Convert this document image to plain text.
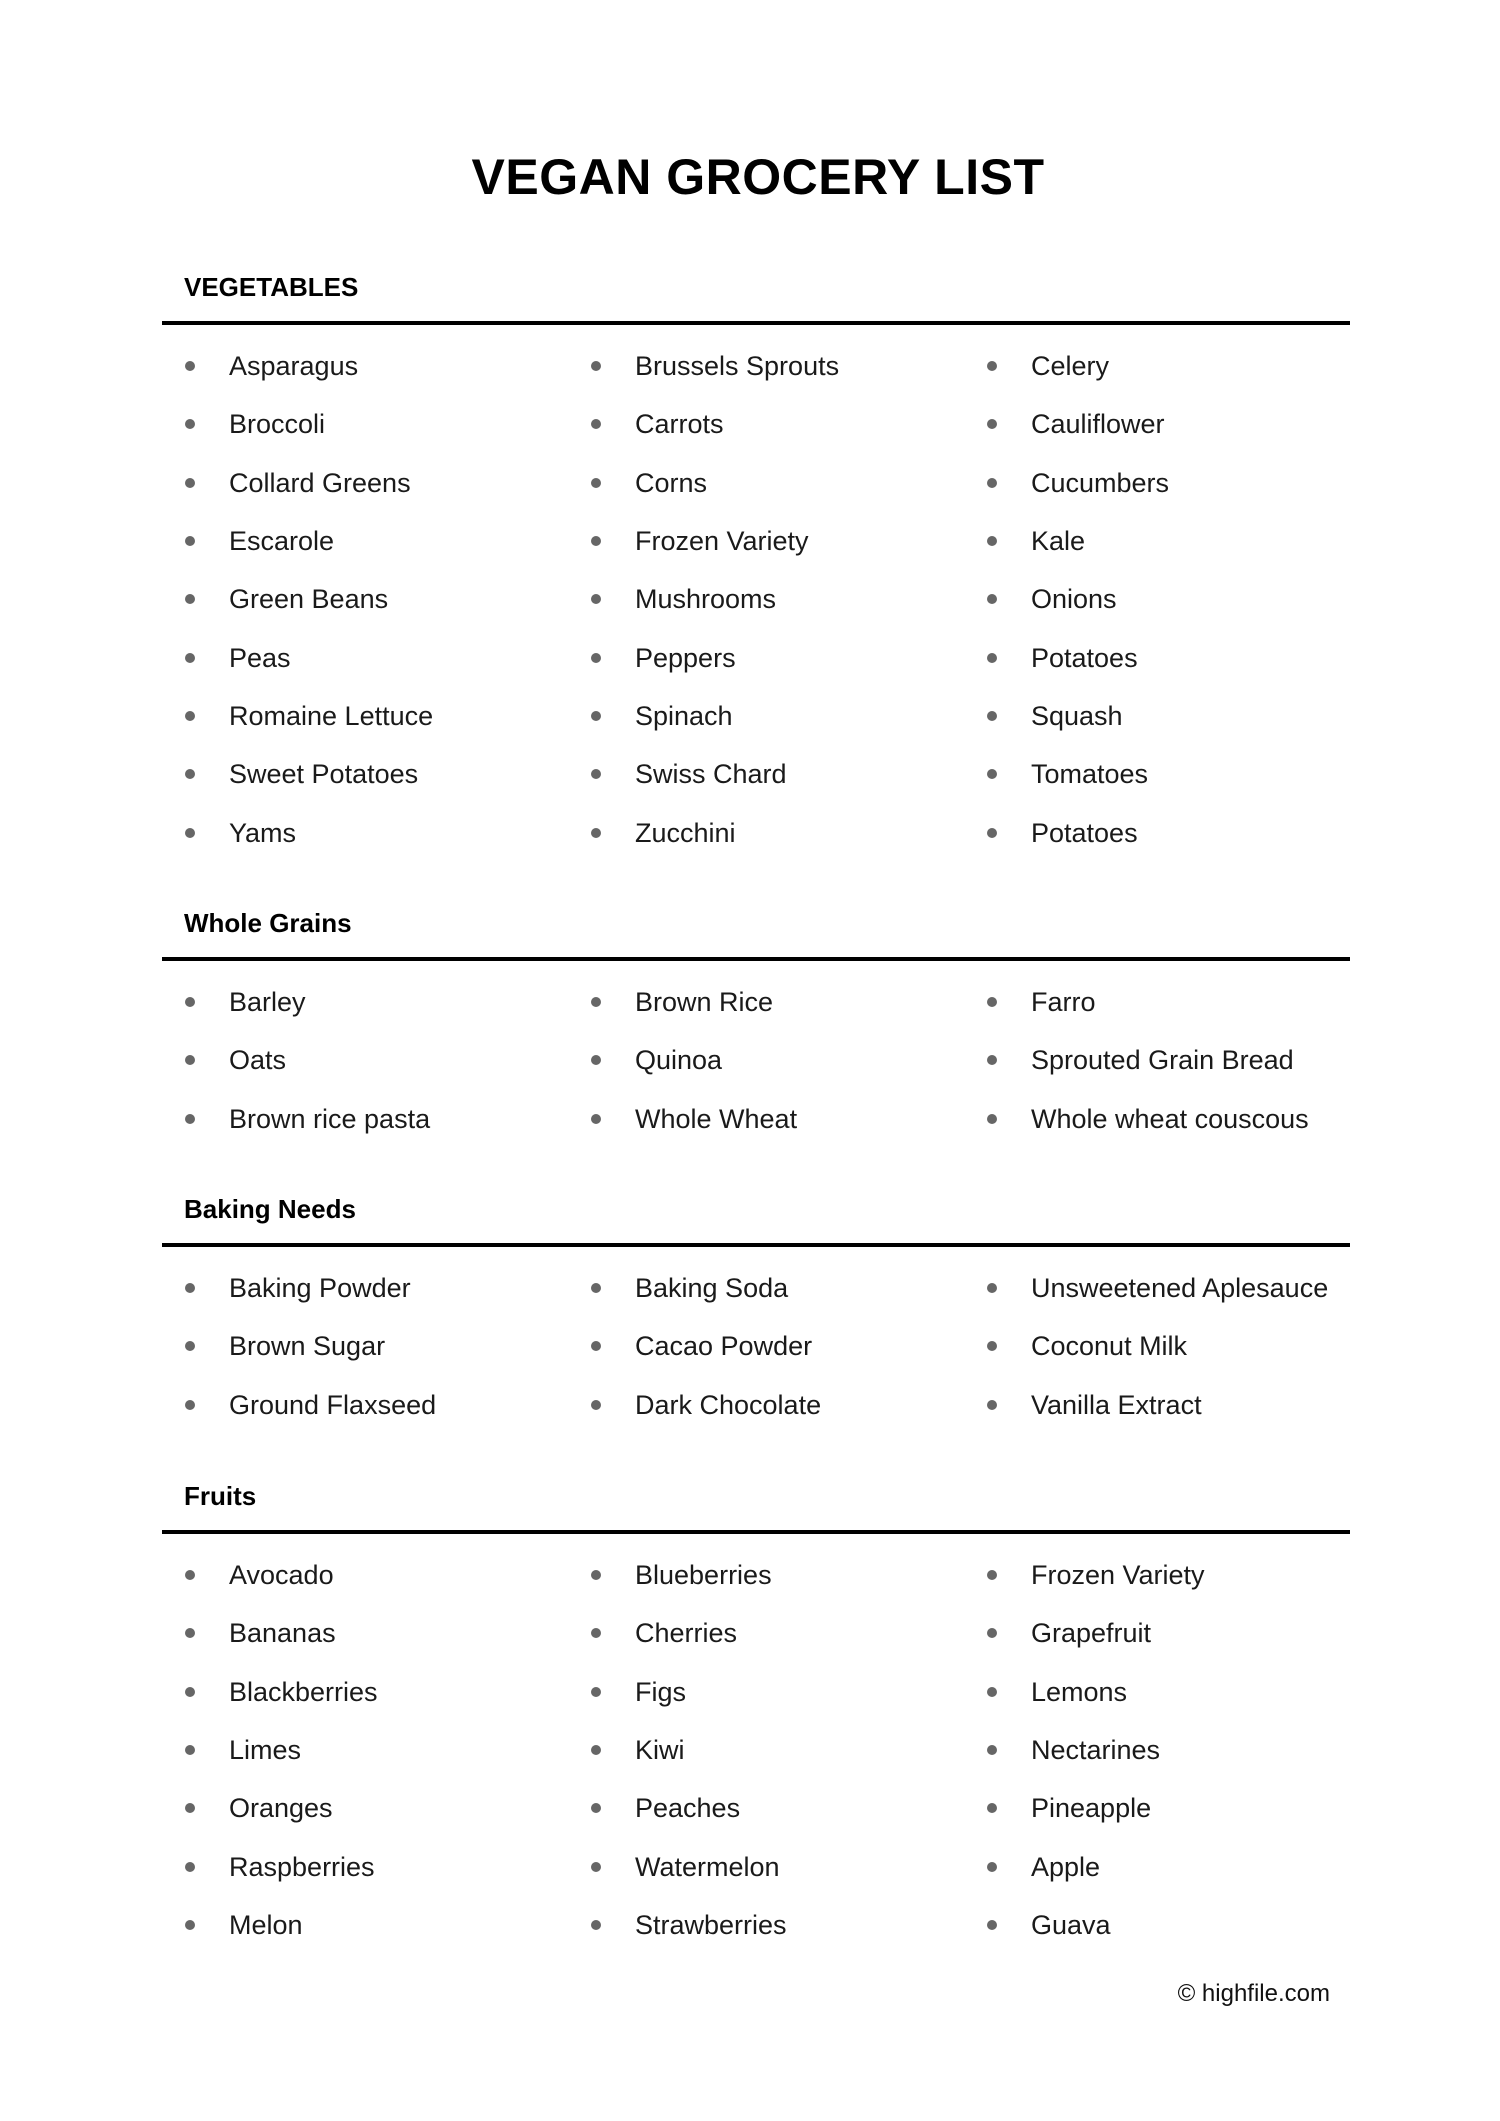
VEGAN GROCERY LIST
VEGETABLES
Asparagus
Broccoli
Collard Greens
Escarole
Green Beans
Peas
Romaine Lettuce
Sweet Potatoes
Yams
Brussels Sprouts
Carrots
Corns
Frozen Variety
Mushrooms
Peppers
Spinach
Swiss Chard
Zucchini
Celery
Cauliflower
Cucumbers
Kale
Onions
Potatoes
Squash
Tomatoes
Potatoes
Whole Grains
Barley
Oats
Brown rice pasta
Brown Rice
Quinoa
Whole Wheat
Farro
Sprouted Grain Bread
Whole wheat couscous
Baking Needs
Baking Powder
Brown Sugar
Ground Flaxseed
Baking Soda
Cacao Powder
Dark Chocolate
Unsweetened Aplesauce
Coconut Milk
Vanilla Extract
Fruits
Avocado
Bananas
Blackberries
Limes
Oranges
Raspberries
Melon
Blueberries
Cherries
Figs
Kiwi
Peaches
Watermelon
Strawberries
Frozen Variety
Grapefruit
Lemons
Nectarines
Pineapple
Apple
Guava
© highfile.com
